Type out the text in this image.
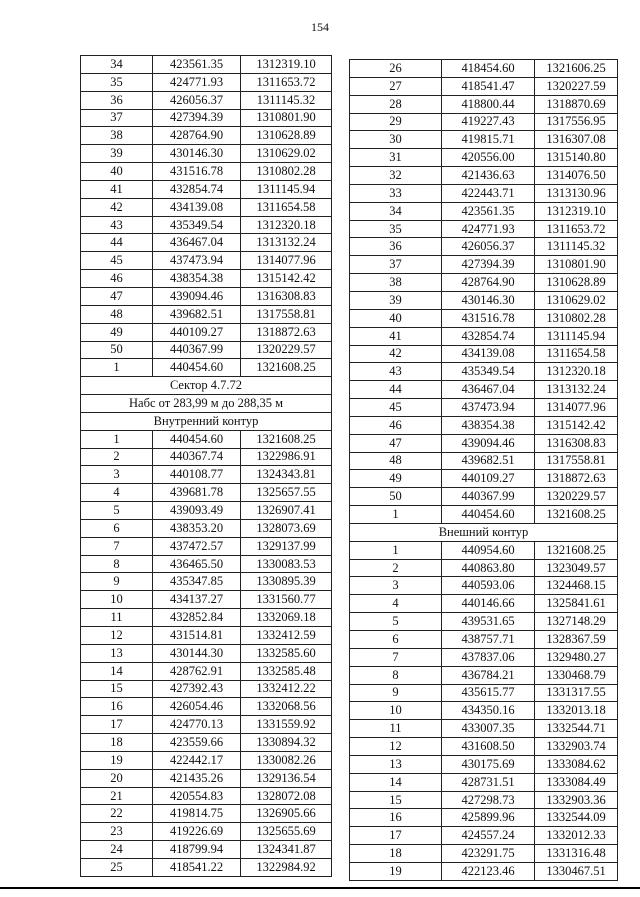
154
34	423561.35	1312319.10
35	424771.93	1311653.72
36	426056.37	1311145.32
37	427394.39	1310801.90
38	428764.90	1310628.89
39	430146.30	1310629.02
40	431516.78	1310802.28
41	432854.74	1311145.94
42	434139.08	1311654.58
43	435349.54	1312320.18
44	436467.04	1313132.24
45	437473.94	1314077.96
46	438354.38	1315142.42
47	439094.46	1316308.83
48	439682.51	1317558.81
49	440109.27	1318872.63
50	440367.99	1320229.57
1	440454.60	1321608.25
Сектор 4.7.72		
Набс от 283,99 м до 288,35 м		
Внутренний контур		
1	440454.60	1321608.25
2	440367.74	1322986.91
3	440108.77	1324343.81
4	439681.78	1325657.55
5	439093.49	1326907.41
6	438353.20	1328073.69
7	437472.57	1329137.99
8	436465.50	1330083.53
9	435347.85	1330895.39
10	434137.27	1331560.77
11	432852.84	1332069.18
12	431514.81	1332412.59
13	430144.30	1332585.60
14	428762.91	1332585.48
15	427392.43	1332412.22
16	426054.46	1332068.56
17	424770.13	1331559.92
18	423559.66	1330894.32
19	422442.17	1330082.26
20	421435.26	1329136.54
21	420554.83	1328072.08
22	419814.75	1326905.66
23	419226.69	1325655.69
24	418799.94	1324341.87
25	418541.22	1322984.92
26	418454.60	1321606.25
27	418541.47	1320227.59
28	418800.44	1318870.69
29	419227.43	1317556.95
30	419815.71	1316307.08
31	420556.00	1315140.80
32	421436.63	1314076.50
33	422443.71	1313130.96
34	423561.35	1312319.10
35	424771.93	1311653.72
36	426056.37	1311145.32
37	427394.39	1310801.90
38	428764.90	1310628.89
39	430146.30	1310629.02
40	431516.78	1310802.28
41	432854.74	1311145.94
42	434139.08	1311654.58
43	435349.54	1312320.18
44	436467.04	1313132.24
45	437473.94	1314077.96
46	438354.38	1315142.42
47	439094.46	1316308.83
48	439682.51	1317558.81
49	440109.27	1318872.63
50	440367.99	1320229.57
1	440454.60	1321608.25
Внешний контур		
1	440954.60	1321608.25
2	440863.80	1323049.57
3	440593.06	1324468.15
4	440146.66	1325841.61
5	439531.65	1327148.29
6	438757.71	1328367.59
7	437837.06	1329480.27
8	436784.21	1330468.79
9	435615.77	1331317.55
10	434350.16	1332013.18
11	433007.35	1332544.71
12	431608.50	1332903.74
13	430175.69	1333084.62
14	428731.51	1333084.49
15	427298.73	1332903.36
16	425899.96	1332544.09
17	424557.24	1332012.33
18	423291.75	1331316.48
19	422123.46	1330467.51
